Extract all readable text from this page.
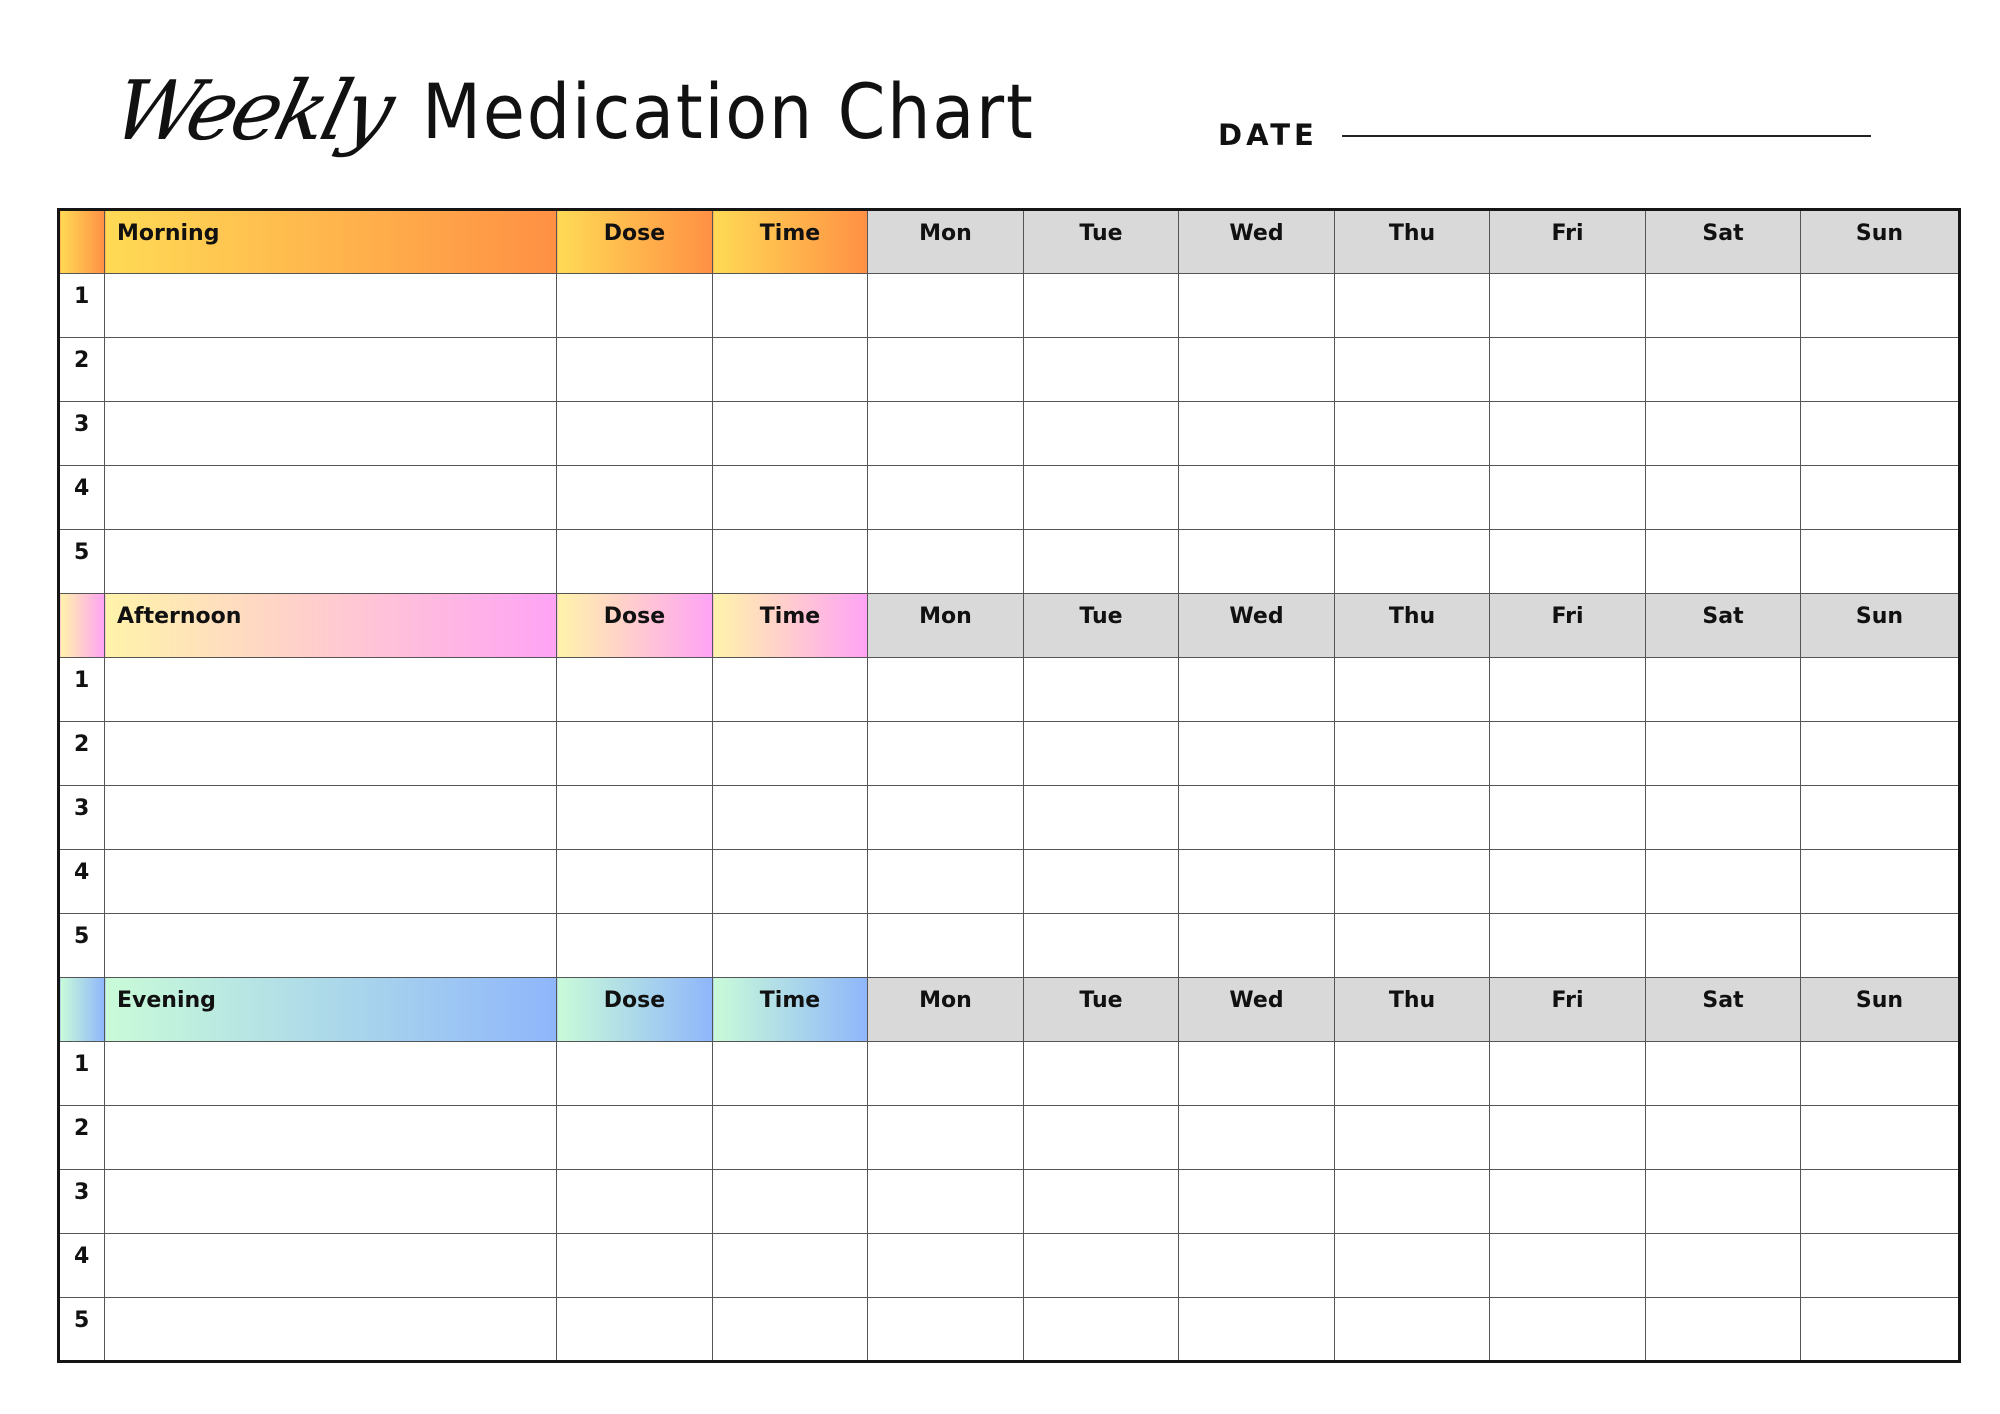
Weekly Medication Chart	DATE
	Morning	Dose	Time	Mon	Tue	Wed	Thu	Fri	Sat	Sun
1										
2										
3										
4										
5										
	Afternoon	Dose	Time	Mon	Tue	Wed	Thu	Fri	Sat	Sun
1										
2										
3										
4										
5										
	Evening	Dose	Time	Mon	Tue	Wed	Thu	Fri	Sat	Sun
1										
2										
3										
4										
5										
